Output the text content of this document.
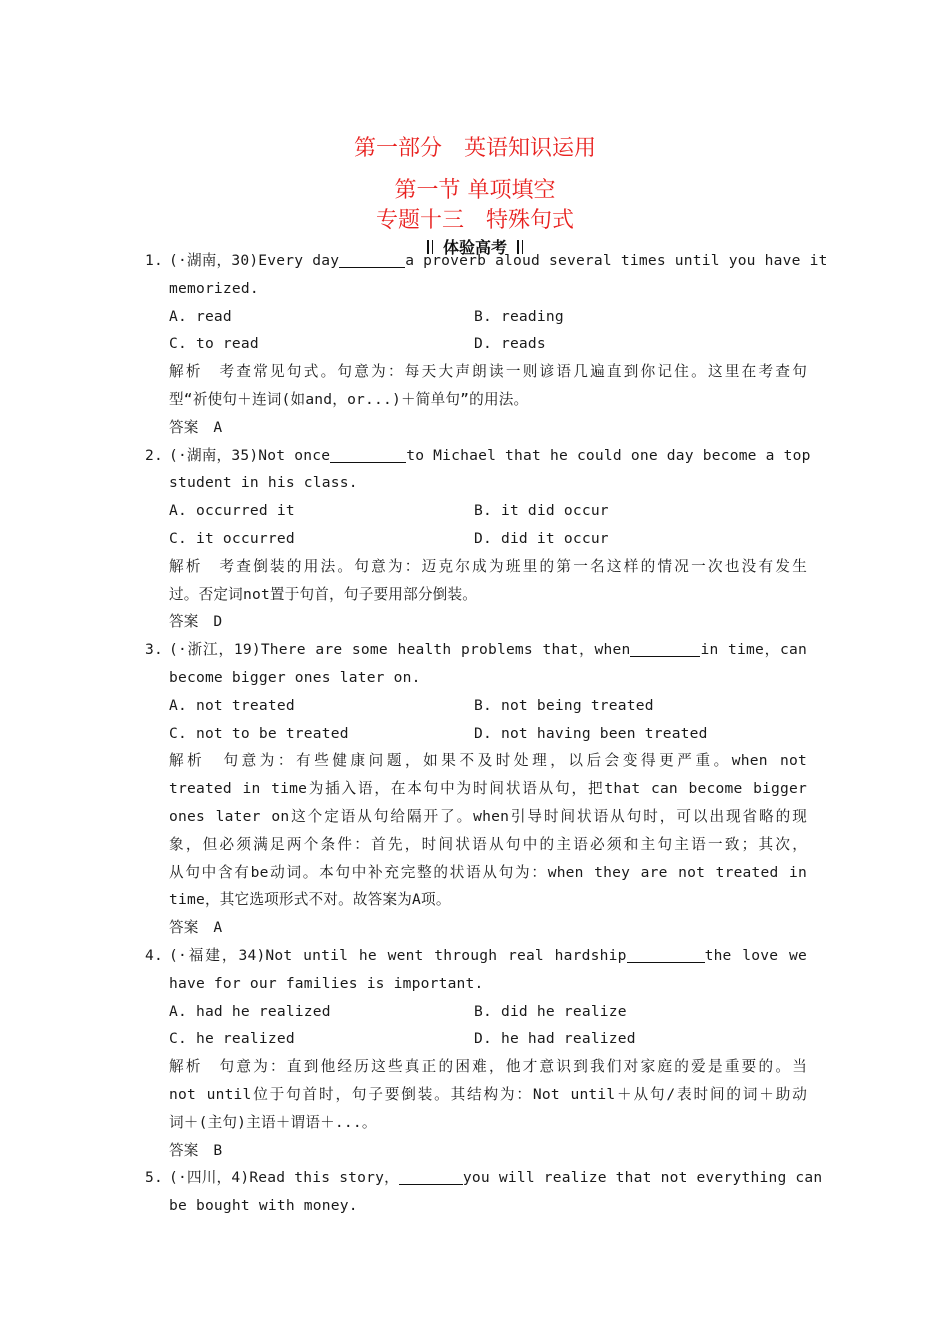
第一部分 英语知识运用

第一节 单项填空

专题十三 特殊句式

体验高考
1. (·湖南，30)Every day	a proverb aloud several times until you have it
memorized.
A. read	B. reading
C. to read	D. reads
解析　考查常见句式。句意为：每天大声朗读一则谚语几遍直到你记住。这里在考查句
型“祈使句＋连词(如and，or...)＋简单句”的用法。
答案　A
2. (·湖南，35)Not once	to Michael that he could one day become a top
student in his class.
A. occurred it	B. it did occur
C. it occurred	D. did it occur
解析　考查倒装的用法。句意为：迈克尔成为班里的第一名这样的情况一次也没有发生
过。否定词not置于句首，句子要用部分倒装。
答案　D
3. (·浙江，19)There are some health problems that，when	in time，can
become bigger ones later on.
A. not treated	B. not being treated
C. not to be treated	D. not having been treated
解析　句意为：有些健康问题，如果不及时处理，以后会变得更严重。when not
treated in time为插入语，在本句中为时间状语从句，把that can become bigger
ones later on这个定语从句给隔开了。when引导时间状语从句时，可以出现省略的现
象，但必须满足两个条件：首先，时间状语从句中的主语必须和主句主语一致；其次，
从句中含有be动词。本句中补充完整的状语从句为：when they are not treated in
time，其它选项形式不对。故答案为A项。
答案　A
4. (·福建，34)Not until he went through real hardship	the love we
have for our families is important.
A. had he realized	B. did he realize
C. he realized	D. he had realized
解析　句意为：直到他经历这些真正的困难，他才意识到我们对家庭的爱是重要的。当
not until位于句首时，句子要倒装。其结构为：Not until＋从句/表时间的词＋助动
词＋(主句)主语＋谓语＋...。
答案　B
5. (·四川，4)Read this story，	you will realize that not everything can
be bought with money.
